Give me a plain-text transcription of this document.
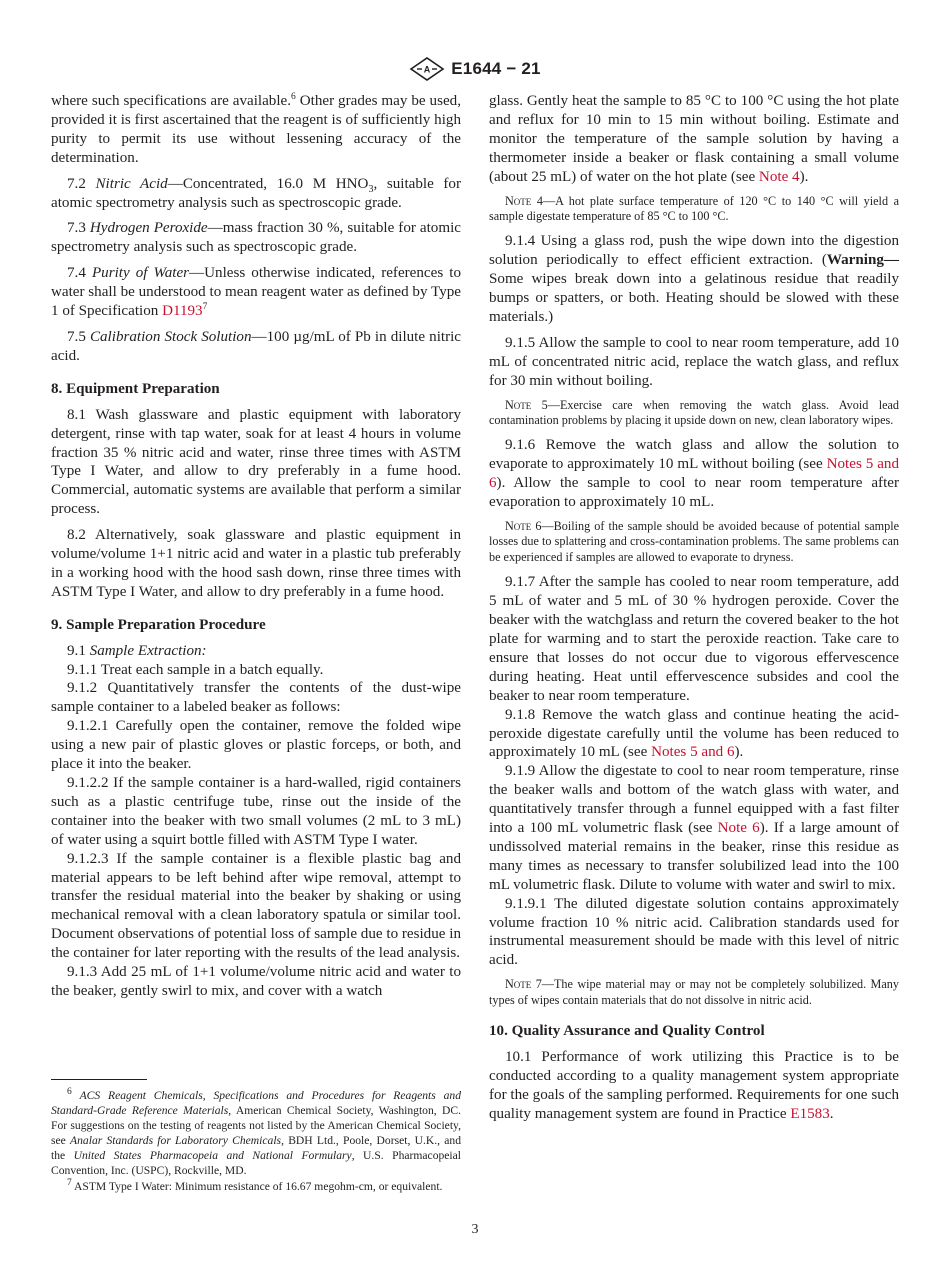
A E1644 − 21

where such specifications are available.$^6$ Other grades may be used, provided it is first ascertained that the reagent is of sufficiently high purity to permit its use without lessening accuracy of the determination.

7.2 Nitric Acid—Concentrated, 16.0 M $HNO_3$, suitable for atomic spectrometry analysis such as spectroscopic grade.

7.3 Hydrogen Peroxide—mass fraction 30 %, suitable for atomic spectrometry analysis such as spectroscopic grade.

7.4 Purity of Water—Unless otherwise indicated, references to water shall be understood to mean reagent water as defined by Type 1 of Specification D1193$^7$

7.5 Calibration Stock Solution—100 µg/mL of Pb in dilute nitric acid.

8. Equipment Preparation

8.1 Wash glassware and plastic equipment with laboratory detergent, rinse with tap water, soak for at least 4 hours in volume fraction 35 % nitric acid and water, rinse three times with ASTM Type I Water, and allow to dry preferably in a fume hood. Commercial, automatic systems are available that perform a similar process.

8.2 Alternatively, soak glassware and plastic equipment in volume/volume 1+1 nitric acid and water in a plastic tub preferably in a working hood with the hood sash down, rinse three times with ASTM Type I Water, and allow to dry preferably in a fume hood.

9. Sample Preparation Procedure

9.1 Sample Extraction:

9.1.1 Treat each sample in a batch equally.

9.1.2 Quantitatively transfer the contents of the dust-wipe sample container to a labeled beaker as follows:

9.1.2.1 Carefully open the container, remove the folded wipe using a new pair of plastic gloves or plastic forceps, or both, and place it into the beaker.

9.1.2.2 If the sample container is a hard-walled, rigid containers such as a plastic centrifuge tube, rinse out the inside of the container into the beaker with two small volumes (2 mL to 3 mL) of water using a squirt bottle filled with ASTM Type I water.

9.1.2.3 If the sample container is a flexible plastic bag and material appears to be left behind after wipe removal, attempt to transfer the residual material into the beaker by shaking or using mechanical removal with a clean laboratory spatula or similar tool. Document observations of potential loss of sample due to residue in the container for later reporting with the results of the lead analysis.

9.1.3 Add 25 mL of 1+1 volume/volume nitric acid and water to the beaker, gently swirl to mix, and cover with a watch

$^6$ ACS Reagent Chemicals, Specifications and Procedures for Reagents and Standard-Grade Reference Materials, American Chemical Society, Washington, DC. For suggestions on the testing of reagents not listed by the American Chemical Society, see Analar Standards for Laboratory Chemicals, BDH Ltd., Poole, Dorset, U.K., and the United States Pharmacopeia and National Formulary, U.S. Pharmacopeial Convention, Inc. (USPC), Rockville, MD.

$^7$ ASTM Type I Water: Minimum resistance of 16.67 megohm-cm, or equivalent.

glass. Gently heat the sample to 85 °C to 100 °C using the hot plate and reflux for 10 min to 15 min without boiling. Estimate and monitor the temperature of the sample solution by having a thermometer inside a beaker or flask containing a small volume (about 25 mL) of water on the hot plate (see Note 4).

Note 4—A hot plate surface temperature of 120 °C to 140 °C will yield a sample digestate temperature of 85 °C to 100 °C.

9.1.4 Using a glass rod, push the wipe down into the digestion solution periodically to effect efficient extraction. (Warning—Some wipes break down into a gelatinous residue that readily bumps or spatters, or both. Heating should be slowed with these materials.)

9.1.5 Allow the sample to cool to near room temperature, add 10 mL of concentrated nitric acid, replace the watch glass, and reflux for 30 min without boiling.

Note 5—Exercise care when removing the watch glass. Avoid lead contamination problems by placing it upside down on new, clean laboratory wipes.

9.1.6 Remove the watch glass and allow the solution to evaporate to approximately 10 mL without boiling (see Notes 5 and 6). Allow the sample to cool to near room temperature after evaporation to approximately 10 mL.

Note 6—Boiling of the sample should be avoided because of potential sample losses due to splattering and cross-contamination problems. The same problems can be experienced if samples are allowed to evaporate to dryness.

9.1.7 After the sample has cooled to near room temperature, add 5 mL of water and 5 mL of 30 % hydrogen peroxide. Cover the beaker with the watchglass and return the covered beaker to the hot plate for warming and to start the peroxide reaction. Take care to ensure that losses do not occur due to vigorous effervescence during heating. Heat until effervescence subsides and cool the beaker to near room temperature.

9.1.8 Remove the watch glass and continue heating the acid-peroxide digestate carefully until the volume has been reduced to approximately 10 mL (see Notes 5 and 6).

9.1.9 Allow the digestate to cool to near room temperature, rinse the beaker walls and bottom of the watch glass with water, and quantitatively transfer through a funnel equipped with a fast filter into a 100 mL volumetric flask (see Note 6). If a large amount of undissolved material remains in the beaker, rinse this residue as many times as necessary to transfer solubilized lead into the 100 mL volumetric flask. Dilute to volume with water and swirl to mix.

9.1.9.1 The diluted digestate solution contains approximately volume fraction 10 % nitric acid. Calibration standards used for instrumental measurement should be made with this level of nitric acid.

Note 7—The wipe material may or may not be completely solubilized. Many types of wipes contain materials that do not dissolve in nitric acid.

10. Quality Assurance and Quality Control

10.1 Performance of work utilizing this Practice is to be conducted according to a quality management system appropriate for the goals of the sampling performed. Requirements for one such quality management system are found in Practice E1583.

3
